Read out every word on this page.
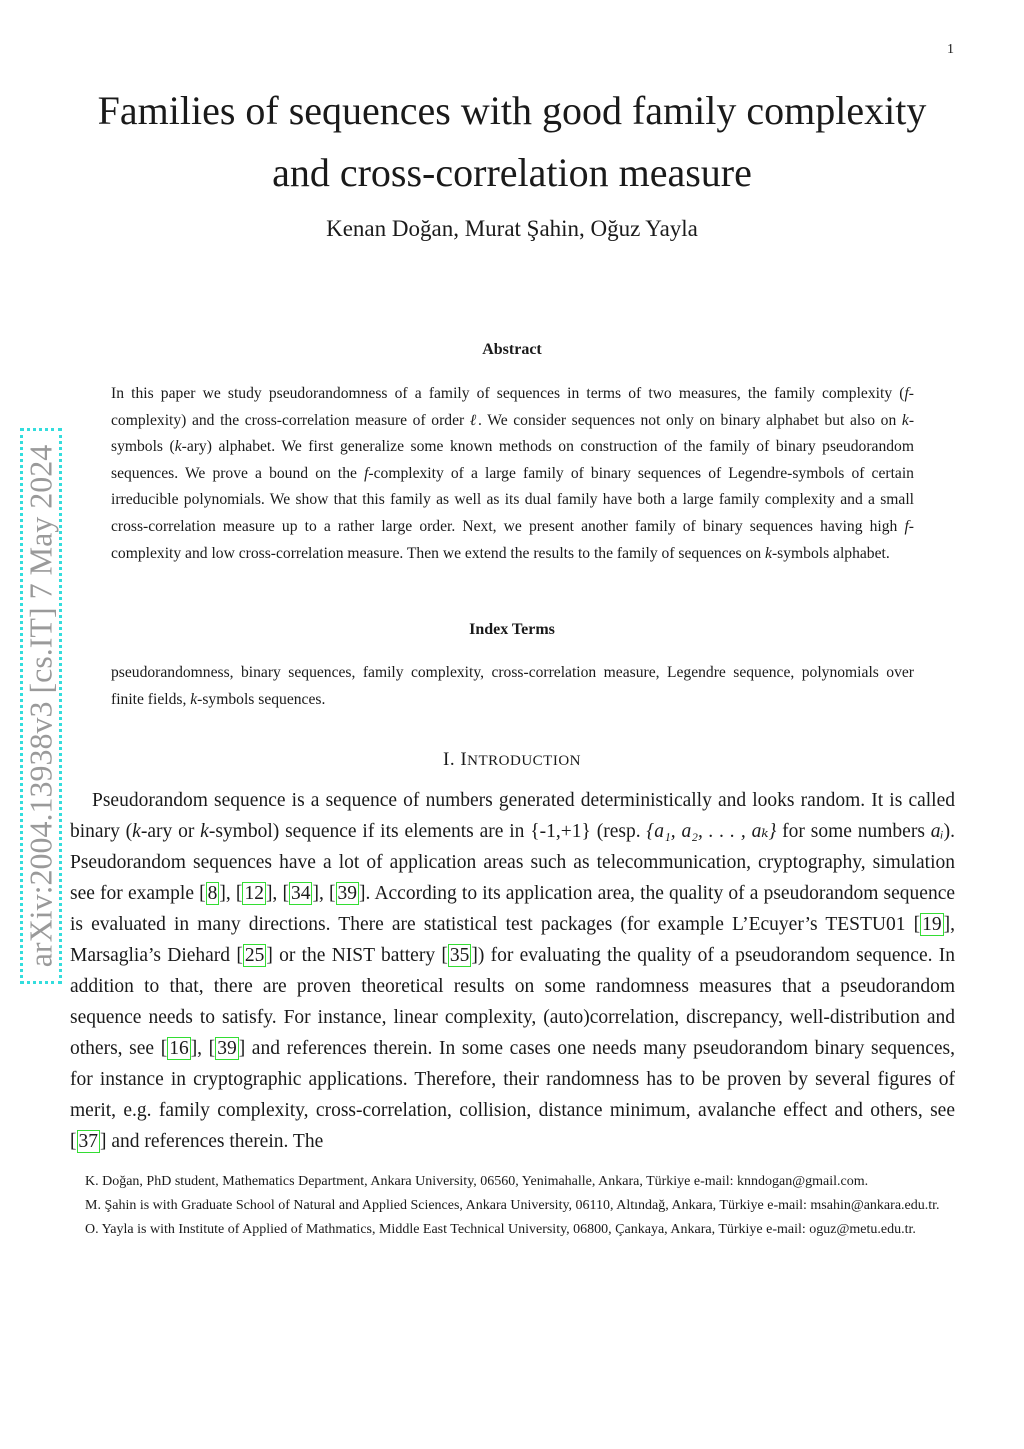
1
arXiv:2004.13938v3 [cs.IT] 7 May 2024
Families of sequences with good family complexity
and cross-correlation measure
Kenan Doğan, Murat Şahin, Oğuz Yayla
Abstract
In this paper we study pseudorandomness of a family of sequences in terms of two measures, the family complexity (f-complexity) and the cross-correlation measure of order ℓ. We consider sequences not only on binary alphabet but also on k-symbols (k-ary) alphabet. We first generalize some known methods on construction of the family of binary pseudorandom sequences. We prove a bound on the f-complexity of a large family of binary sequences of Legendre-symbols of certain irreducible polynomials. We show that this family as well as its dual family have both a large family complexity and a small cross-correlation measure up to a rather large order. Next, we present another family of binary sequences having high f-complexity and low cross-correlation measure. Then we extend the results to the family of sequences on k-symbols alphabet.
Index Terms
pseudorandomness, binary sequences, family complexity, cross-correlation measure, Legendre sequence, polynomials over finite fields, k-symbols sequences.
I. INTRODUCTION

Pseudorandom sequence is a sequence of numbers generated deterministically and looks random. It is called binary (k-ary or k-symbol) sequence if its elements are in {-1,+1} (resp. {a₁, a₂, . . . , aₖ} for some numbers aᵢ). Pseudorandom sequences have a lot of application areas such as telecommunication, cryptography, simulation see for example [ 8 ], [ 12 ], [ 34 ], [ 39 ]. According to its application area, the quality of a pseudorandom sequence is evaluated in many directions. There are statistical test packages (for example L’Ecuyer’s TESTU01 [ 19 ], Marsaglia’s Diehard [ 25 ] or the NIST battery [ 35 ]) for evaluating the quality of a pseudorandom sequence. In addition to that, there are proven theoretical results on some randomness measures that a pseudorandom sequence needs to satisfy. For instance, linear complexity, (auto)correlation, discrepancy, well-distribution and others, see [ 16 ], [ 39 ] and references therein. In some cases one needs many pseudorandom binary sequences, for instance in cryptographic applications. Therefore, their randomness has to be proven by several figures of merit, e.g. family complexity, cross-correlation, collision, distance minimum, avalanche effect and others, see [ 37 ] and references therein. The

K. Doğan, PhD student, Mathematics Department, Ankara University, 06560, Yenimahalle, Ankara, Türkiye e-mail: knndogan@gmail.com.

M. Şahin is with Graduate School of Natural and Applied Sciences, Ankara University, 06110, Altındağ, Ankara, Türkiye e-mail: msahin@ankara.edu.tr.

O. Yayla is with Institute of Applied of Mathmatics, Middle East Technical University, 06800, Çankaya, Ankara, Türkiye e-mail: oguz@metu.edu.tr.
